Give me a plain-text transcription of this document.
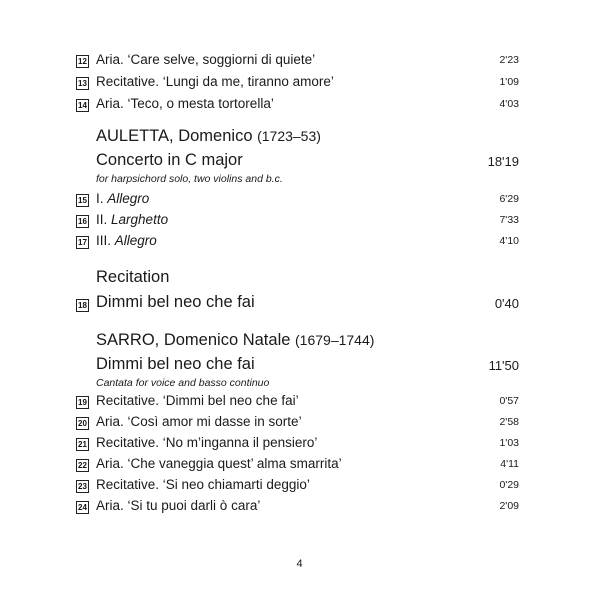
12 Aria. ‘Care selve, soggiorni di quiete’	2'23
13 Recitative. ‘Lungi da me, tiranno amore’	1'09
14 Aria. ‘Teco, o mesta tortorella’	4'03
AULETTA, Domenico (1723–53)
Concerto in C major	18'19
for harpsichord solo, two violins and b.c.
15 I. Allegro	6'29
16 II. Larghetto	7'33
17 III. Allegro	4'10
Recitation
18 Dimmi bel neo che fai	0'40
SARRO, Domenico Natale (1679–1744)
Dimmi bel neo che fai	11'50
Cantata for voice and basso continuo
19 Recitative. ‘Dimmi bel neo che fai’	0'57
20 Aria. ‘Così amor mi dasse in sorte’	2'58
21 Recitative. ‘No m’inganna il pensiero’	1'03
22 Aria. ‘Che vaneggia quest’ alma smarrita’	4'11
23 Recitative. ‘Si neo chiamarti deggio’	0'29
24 Aria. ‘Si tu puoi darli ò cara’	2'09
4
